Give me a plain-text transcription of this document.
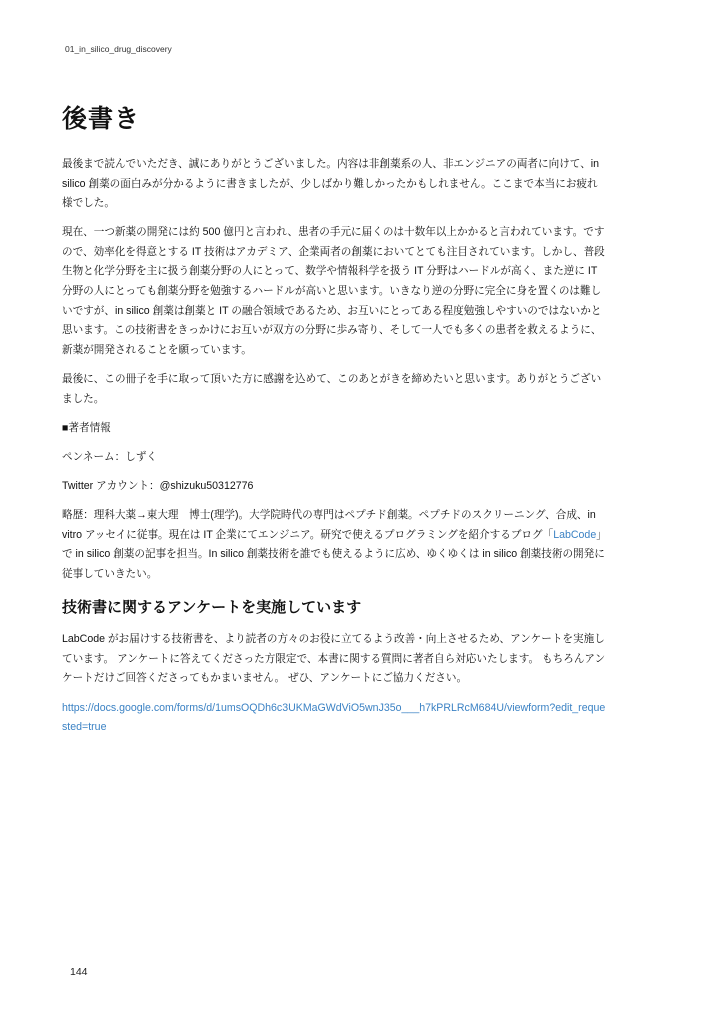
01_in_silico_drug_discovery
後書き

最後まで読んでいただき、誠にありがとうございました。内容は非創薬系の人、非エンジニアの両者に向けて、in silico 創薬の面白みが分かるように書きましたが、少しばかり難しかったかもしれません。ここまで本当にお疲れ様でした。

現在、一つ新薬の開発には約 500 億円と言われ、患者の手元に届くのは十数年以上かかると言われています。ですので、効率化を得意とする IT 技術はアカデミア、企業両者の創薬においてとても注目されています。しかし、普段生物と化学分野を主に扱う創薬分野の人にとって、数学や情報科学を扱う IT 分野はハードルが高く、また逆に IT 分野の人にとっても創薬分野を勉強するハードルが高いと思います。いきなり逆の分野に完全に身を置くのは難しいですが、in silico 創薬は創薬と IT の融合領域であるため、お互いにとってある程度勉強しやすいのではないかと思います。この技術書をきっかけにお互いが双方の分野に歩み寄り、そして一人でも多くの患者を救えるように、新薬が開発されることを願っています。

最後に、この冊子を手に取って頂いた方に感謝を込めて、このあとがきを締めたいと思います。ありがとうございました。

■著者情報

ペンネーム：しずく

Twitter アカウント：@shizuku50312776

略歴：理科大薬→東大理　博士(理学)。大学院時代の専門はペプチド創薬。ペプチドのスクリーニング、合成、in vitro アッセイに従事。現在は IT 企業にてエンジニア。研究で使えるプログラミングを紹介するブログ「LabCode」で in silico 創薬の記事を担当。In silico 創薬技術を誰でも使えるように広め、ゆくゆくは in silico 創薬技術の開発に従事していきたい。

技術書に関するアンケートを実施しています

LabCode がお届けする技術書を、より読者の方々のお役に立てるよう改善・向上させるため、アンケートを実施しています。 アンケートに答えてくださった方限定で、本書に関する質問に著者自ら対応いたします。 もちろんアンケートだけご回答くださってもかまいません。 ぜひ、アンケートにご協力ください。

https://docs.google.com/forms/d/1umsOQDh6c3UKMaGWdViO5wnJ35o___h7kPRLRcM684U/viewform?edit_requested=true

144
